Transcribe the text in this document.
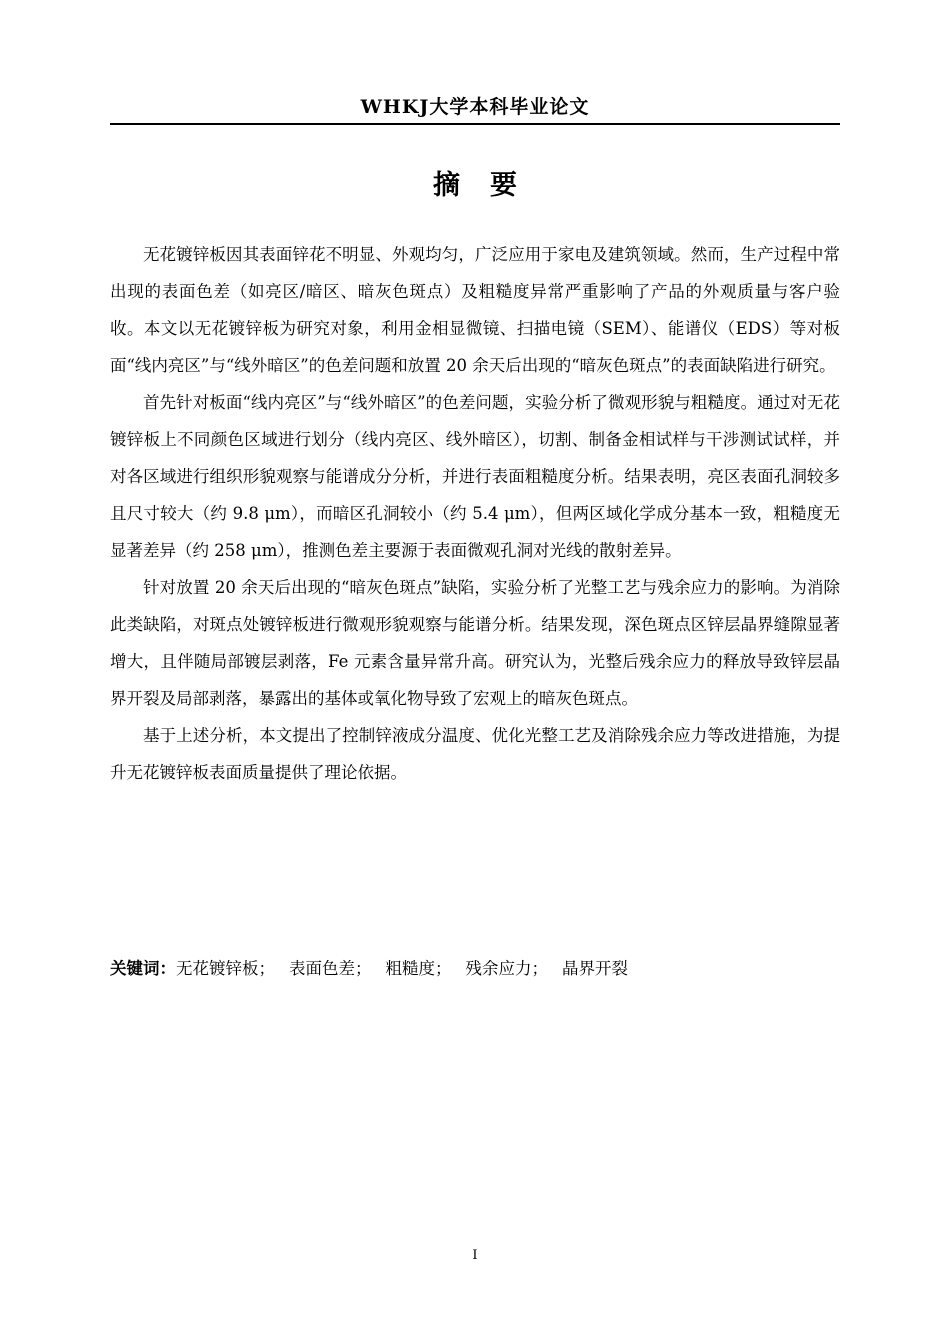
WHKJ大学本科毕业论文
摘要

无花镀锌板因其表面锌花不明显、外观均匀，广泛应用于家电及建筑领域。然而，生产过程中常出现的表面色差（如亮区/暗区、暗灰色斑点）及粗糙度异常严重影响了产品的外观质量与客户验收。本文以无花镀锌板为研究对象，利用金相显微镜、扫描电镜（SEM）、能谱仪（EDS）等对板面“线内亮区”与“线外暗区”的色差问题和放置 20 余天后出现的“暗灰色斑点”的表面缺陷进行研究。

首先针对板面“线内亮区”与“线外暗区”的色差问题，实验分析了微观形貌与粗糙度。通过对无花镀锌板上不同颜色区域进行划分（线内亮区、线外暗区），切割、制备金相试样与干涉测试试样，并对各区域进行组织形貌观察与能谱成分分析，并进行表面粗糙度分析。结果表明，亮区表面孔洞较多且尺寸较大（约 9.8 μm），而暗区孔洞较小（约 5.4 μm），但两区域化学成分基本一致，粗糙度无显著差异（约 258 μm），推测色差主要源于表面微观孔洞对光线的散射差异。

针对放置 20 余天后出现的“暗灰色斑点”缺陷，实验分析了光整工艺与残余应力的影响。为消除此类缺陷，对斑点处镀锌板进行微观形貌观察与能谱分析。结果发现，深色斑点区锌层晶界缝隙显著增大，且伴随局部镀层剥落，Fe 元素含量异常升高。研究认为，光整后残余应力的释放导致锌层晶界开裂及局部剥落，暴露出的基体或氧化物导致了宏观上的暗灰色斑点。

基于上述分析，本文提出了控制锌液成分温度、优化光整工艺及消除残余应力等改进措施，为提升无花镀锌板表面质量提供了理论依据。

关键词：无花镀锌板； 表面色差； 粗糙度； 残余应力； 晶界开裂
I
